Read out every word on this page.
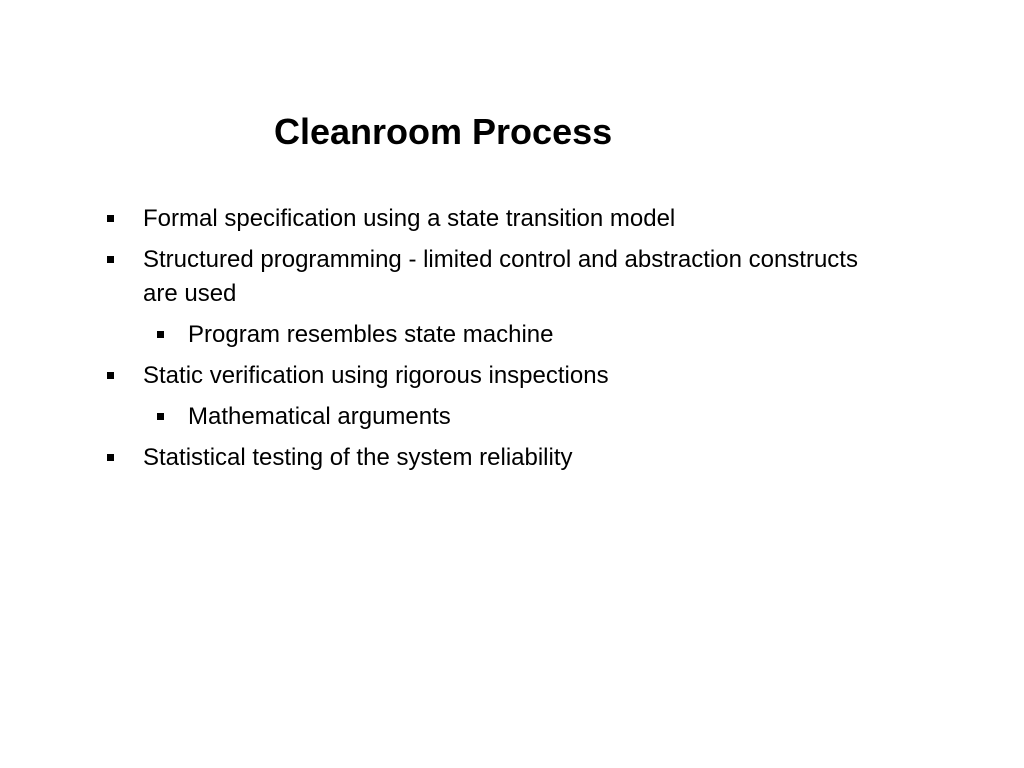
Cleanroom Process
Formal specification using a state transition model
Structured programming - limited control and abstraction constructs are used
Program resembles state machine
Static verification using rigorous inspections
Mathematical arguments
Statistical testing of the system reliability
